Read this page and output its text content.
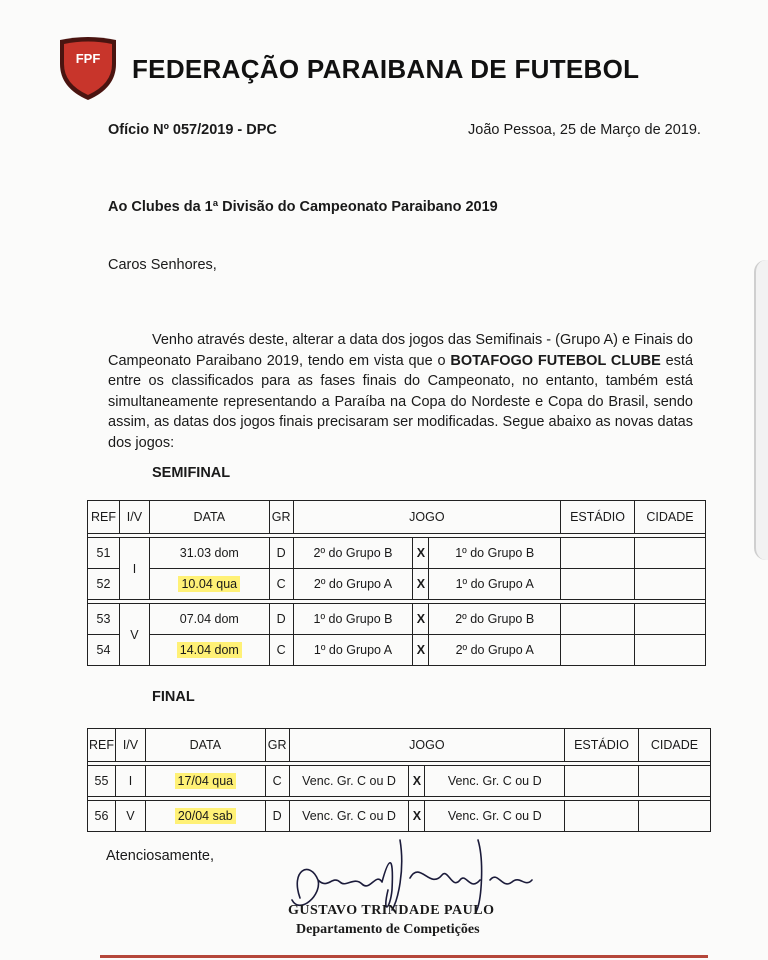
FPF FEDERAÇÃO PARAIBANA DE FUTEBOL
Ofício Nº 057/2019 - DPC	João Pessoa, 25 de Março de 2019.
Ao Clubes da 1ª Divisão do Campeonato Paraibano 2019
Caros Senhores,
Venho através deste, alterar a data dos jogos das Semifinais - (Grupo A) e Finais do Campeonato Paraibano 2019, tendo em vista que o BOTAFOGO FUTEBOL CLUBE está entre os classificados para as fases finais do Campeonato, no entanto, também está simultaneamente representando a Paraíba na Copa do Nordeste e Copa do Brasil, sendo assim, as datas dos jogos finais precisaram ser modificadas. Segue abaixo as novas datas dos jogos:
SEMIFINAL
REF	I/V	DATA	GR	JOGO			ESTÁDIO	CIDADE

51	I	31.03 dom	D	2º do Grupo B	X	1º do Grupo B		
52		10.04 qua	C	2º do Grupo A	X	1º do Grupo A		

53	V	07.04 dom	D	1º do Grupo B	X	2º do Grupo B		
54		14.04 dom	C	1º do Grupo A	X	2º do Grupo A		
FINAL
REF	I/V	DATA	GR	JOGO			ESTÁDIO	CIDADE

55	I	17/04 qua	C	Venc. Gr. C ou D	X	Venc. Gr. C ou D		

56	V	20/04 sab	D	Venc. Gr. C ou D	X	Venc. Gr. C ou D		
Atenciosamente,
GUSTAVO TRINDADE PAULO
Departamento de Competições
